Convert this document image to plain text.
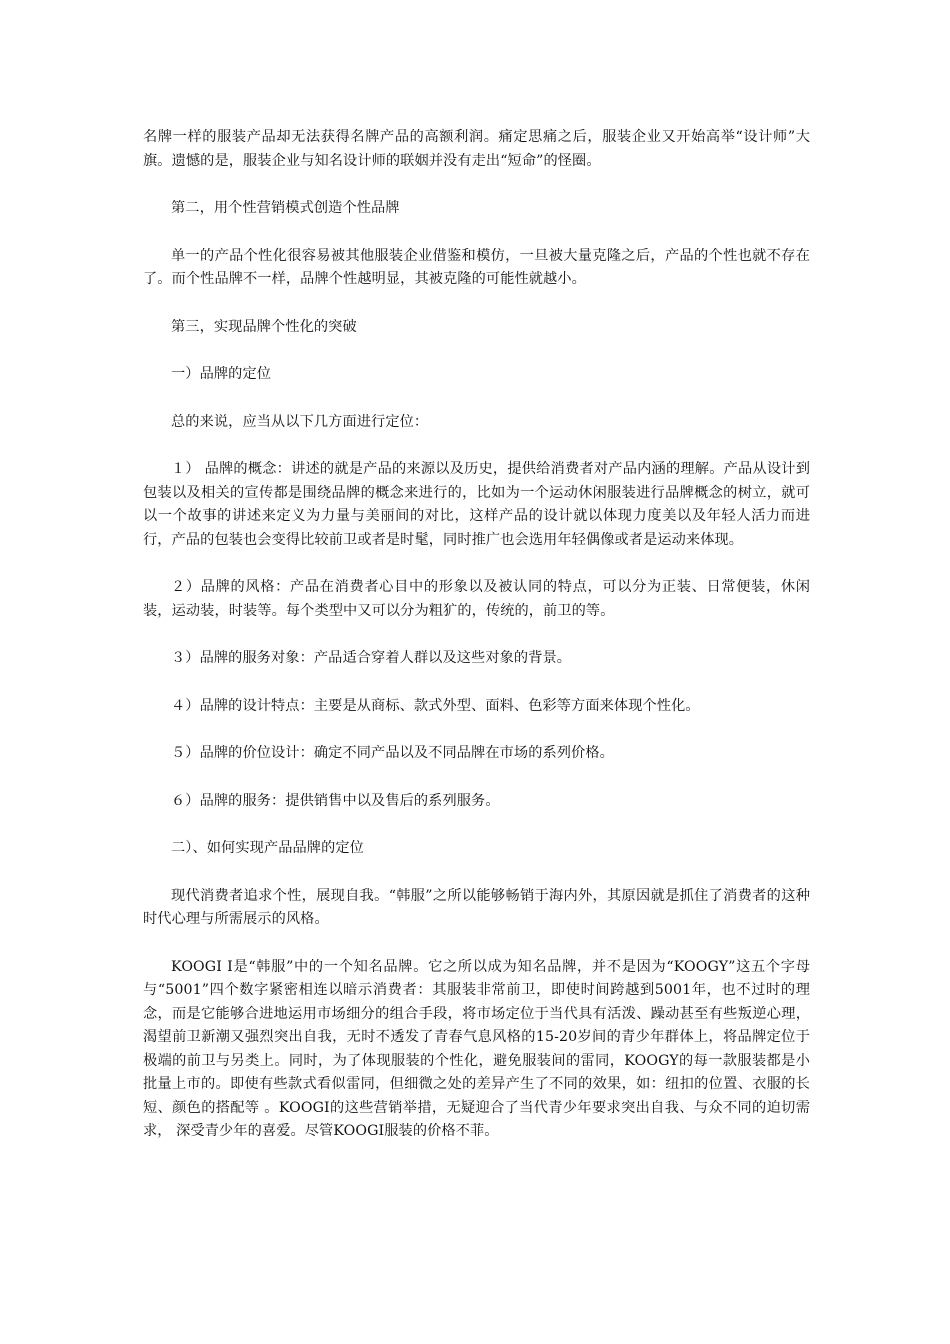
名牌一样的服装产品却无法获得名牌产品的高额利润。痛定思痛之后，服装企业又开始高举“设计师”大旗。遗憾的是，服装企业与知名设计师的联姻并没有走出“短命”的怪圈。

第二，用个性营销模式创造个性品牌

单一的产品个性化很容易被其他服装企业借鉴和模仿，一旦被大量克隆之后，产品的个性也就不存在了。而个性品牌不一样，品牌个性越明显，其被克隆的可能性就越小。

第三，实现品牌个性化的突破

一）品牌的定位

总的来说，应当从以下几方面进行定位：

１） 品牌的概念：讲述的就是产品的来源以及历史，提供给消费者对产品内涵的理解。产品从设计到包装以及相关的宣传都是围绕品牌的概念来进行的，比如为一个运动休闲服装进行品牌概念的树立，就可以一个故事的讲述来定义为力量与美丽间的对比，这样产品的设计就以体现力度美以及年轻人活力而进行，产品的包装也会变得比较前卫或者是时髦，同时推广也会选用年轻偶像或者是运动来体现。

２）品牌的风格：产品在消费者心目中的形象以及被认同的特点，可以分为正装、日常便装，休闲装，运动装，时装等。每个类型中又可以分为粗犷的，传统的，前卫的等。

３）品牌的服务对象：产品适合穿着人群以及这些对象的背景。

４）品牌的设计特点：主要是从商标、款式外型、面料、色彩等方面来体现个性化。

５）品牌的价位设计：确定不同产品以及不同品牌在市场的系列价格。

６）品牌的服务：提供销售中以及售后的系列服务。

二）、如何实现产品品牌的定位

现代消费者追求个性，展现自我。“韩服”之所以能够畅销于海内外，其原因就是抓住了消费者的这种时代心理与所需展示的风格。

KOOGI I是“韩服”中的一个知名品牌。它之所以成为知名品牌，并不是因为“KOOGY”这五个字母与“5001”四个数字紧密相连以暗示消费者：其服装非常前卫，即使时间跨越到5001年，也不过时的理念，而是它能够合进地运用市场细分的组合手段，将市场定位于当代具有活泼、躁动甚至有些叛逆心理，渴望前卫新潮又强烈突出自我，无时不透发了青春气息风格的15-20岁间的青少年群体上，将品牌定位于极端的前卫与另类上。同时，为了体现服装的个性化，避免服装间的雷同，KOOGY的每一款服装都是小批量上市的。即使有些款式看似雷同，但细微之处的差异产生了不同的效果，如：纽扣的位置、衣服的长短、颜色的搭配等 。KOOGI的这些营销举措，无疑迎合了当代青少年要求突出自我、与众不同的迫切需求， 深受青少年的喜爱。尽管KOOGI服装的价格不菲。
